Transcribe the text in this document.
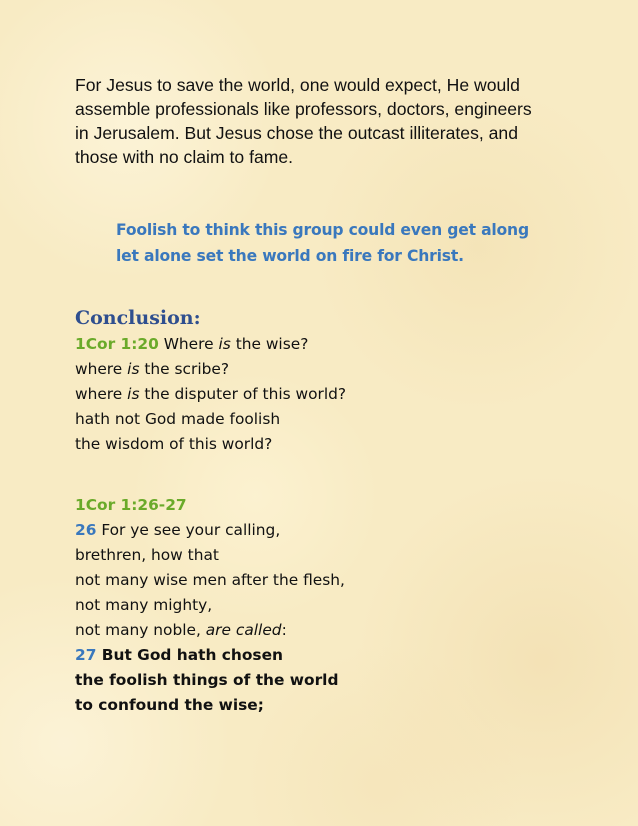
For Jesus to save the world, one would expect, He would
assemble professionals like professors, doctors, engineers
in Jerusalem. But Jesus chose the outcast illiterates, and
those with no claim to fame.
Foolish to think this group could even get along
let alone set the world on fire for Christ.
Conclusion:
1Cor 1:20 Where is the wise?
where is the scribe?
where is the disputer of this world?
hath not God made foolish
the wisdom of this world?
1Cor 1:26-27
26 For ye see your calling,
brethren, how that
not many wise men after the flesh,
not many mighty,
not many noble, are called:
27 But God hath chosen
the foolish things of the world
to confound the wise;
